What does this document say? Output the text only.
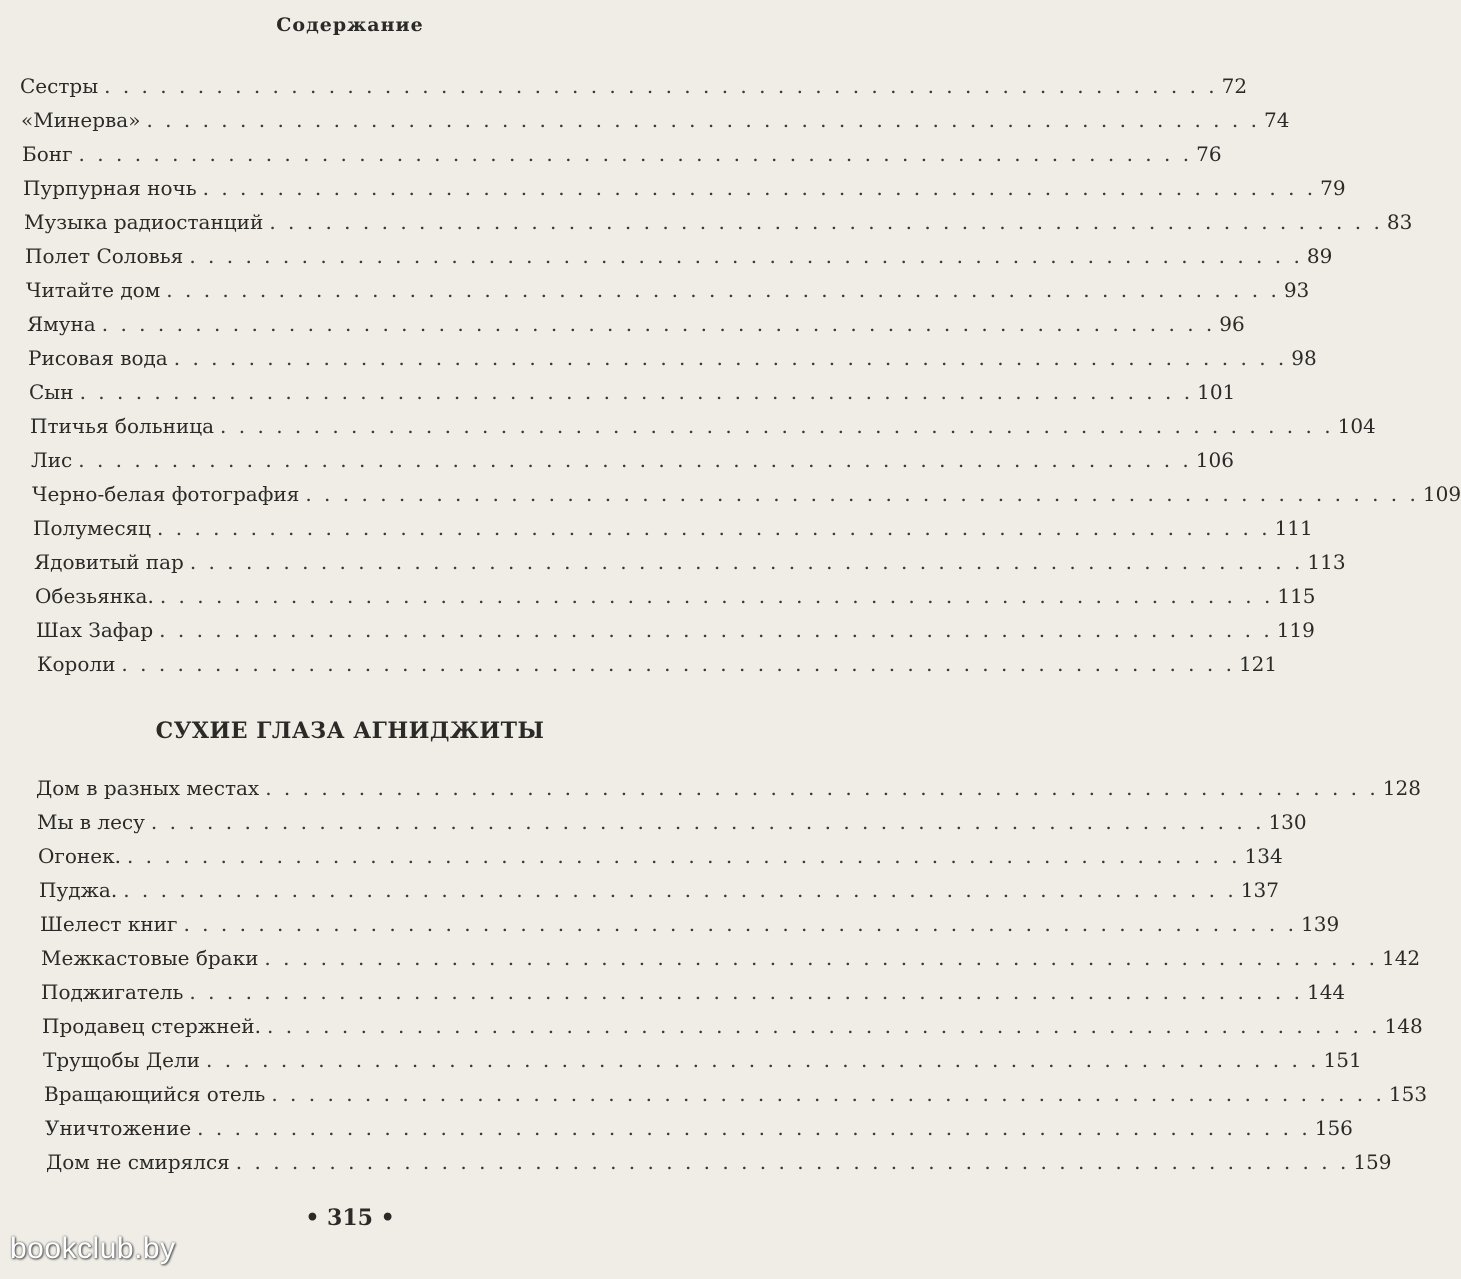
Содержание
Сестры . . . . . . . . . . . . . . . . . . . . . . . . . . . . . . . . . . . . . . . . . . . . . . . . . . . . . . . . . . . . 72
«Минерва» . . . . . . . . . . . . . . . . . . . . . . . . . . . . . . . . . . . . . . . . . . . . . . . . . . . . . . . . . . . . 74
Бонг . . . . . . . . . . . . . . . . . . . . . . . . . . . . . . . . . . . . . . . . . . . . . . . . . . . . . . . . . . . . 76
Пурпурная ночь . . . . . . . . . . . . . . . . . . . . . . . . . . . . . . . . . . . . . . . . . . . . . . . . . . . . . . . . . . . . 79
Музыка радиостанций . . . . . . . . . . . . . . . . . . . . . . . . . . . . . . . . . . . . . . . . . . . . . . . . . . . . . . . . . . . . 83
Полет Соловья . . . . . . . . . . . . . . . . . . . . . . . . . . . . . . . . . . . . . . . . . . . . . . . . . . . . . . . . . . . . 89
Читайте дом . . . . . . . . . . . . . . . . . . . . . . . . . . . . . . . . . . . . . . . . . . . . . . . . . . . . . . . . . . . . 93
Ямуна . . . . . . . . . . . . . . . . . . . . . . . . . . . . . . . . . . . . . . . . . . . . . . . . . . . . . . . . . . . . 96
Рисовая вода . . . . . . . . . . . . . . . . . . . . . . . . . . . . . . . . . . . . . . . . . . . . . . . . . . . . . . . . . . . . 98
Сын . . . . . . . . . . . . . . . . . . . . . . . . . . . . . . . . . . . . . . . . . . . . . . . . . . . . . . . . . . . . 101
Птичья больница . . . . . . . . . . . . . . . . . . . . . . . . . . . . . . . . . . . . . . . . . . . . . . . . . . . . . . . . . . . . 104
Лис . . . . . . . . . . . . . . . . . . . . . . . . . . . . . . . . . . . . . . . . . . . . . . . . . . . . . . . . . . . . 106
Черно-белая фотография . . . . . . . . . . . . . . . . . . . . . . . . . . . . . . . . . . . . . . . . . . . . . . . . . . . . . . . . . . . . 109
Полумесяц . . . . . . . . . . . . . . . . . . . . . . . . . . . . . . . . . . . . . . . . . . . . . . . . . . . . . . . . . . . . 111
Ядовитый пар . . . . . . . . . . . . . . . . . . . . . . . . . . . . . . . . . . . . . . . . . . . . . . . . . . . . . . . . . . . . 113
Обезьянка. . . . . . . . . . . . . . . . . . . . . . . . . . . . . . . . . . . . . . . . . . . . . . . . . . . . . . . . . . . . . 115
Шах Зафар . . . . . . . . . . . . . . . . . . . . . . . . . . . . . . . . . . . . . . . . . . . . . . . . . . . . . . . . . . . . 119
Короли . . . . . . . . . . . . . . . . . . . . . . . . . . . . . . . . . . . . . . . . . . . . . . . . . . . . . . . . . . . . 121
СУХИЕ ГЛАЗА АГНИДЖИТЫ
Дом в разных местах . . . . . . . . . . . . . . . . . . . . . . . . . . . . . . . . . . . . . . . . . . . . . . . . . . . . . . . . . . . . 128
Мы в лесу . . . . . . . . . . . . . . . . . . . . . . . . . . . . . . . . . . . . . . . . . . . . . . . . . . . . . . . . . . . . 130
Огонек. . . . . . . . . . . . . . . . . . . . . . . . . . . . . . . . . . . . . . . . . . . . . . . . . . . . . . . . . . . . . 134
Пуджа. . . . . . . . . . . . . . . . . . . . . . . . . . . . . . . . . . . . . . . . . . . . . . . . . . . . . . . . . . . . . 137
Шелест книг . . . . . . . . . . . . . . . . . . . . . . . . . . . . . . . . . . . . . . . . . . . . . . . . . . . . . . . . . . . . 139
Межкастовые браки . . . . . . . . . . . . . . . . . . . . . . . . . . . . . . . . . . . . . . . . . . . . . . . . . . . . . . . . . . . . 142
Поджигатель . . . . . . . . . . . . . . . . . . . . . . . . . . . . . . . . . . . . . . . . . . . . . . . . . . . . . . . . . . . . 144
Продавец стержней. . . . . . . . . . . . . . . . . . . . . . . . . . . . . . . . . . . . . . . . . . . . . . . . . . . . . . . . . . . . . 148
Трущобы Дели . . . . . . . . . . . . . . . . . . . . . . . . . . . . . . . . . . . . . . . . . . . . . . . . . . . . . . . . . . . . 151
Вращающийся отель . . . . . . . . . . . . . . . . . . . . . . . . . . . . . . . . . . . . . . . . . . . . . . . . . . . . . . . . . . . . 153
Уничтожение . . . . . . . . . . . . . . . . . . . . . . . . . . . . . . . . . . . . . . . . . . . . . . . . . . . . . . . . . . . . 156
Дом не смирялся . . . . . . . . . . . . . . . . . . . . . . . . . . . . . . . . . . . . . . . . . . . . . . . . . . . . . . . . . . . . 159
• 315 •
bookclub.by
